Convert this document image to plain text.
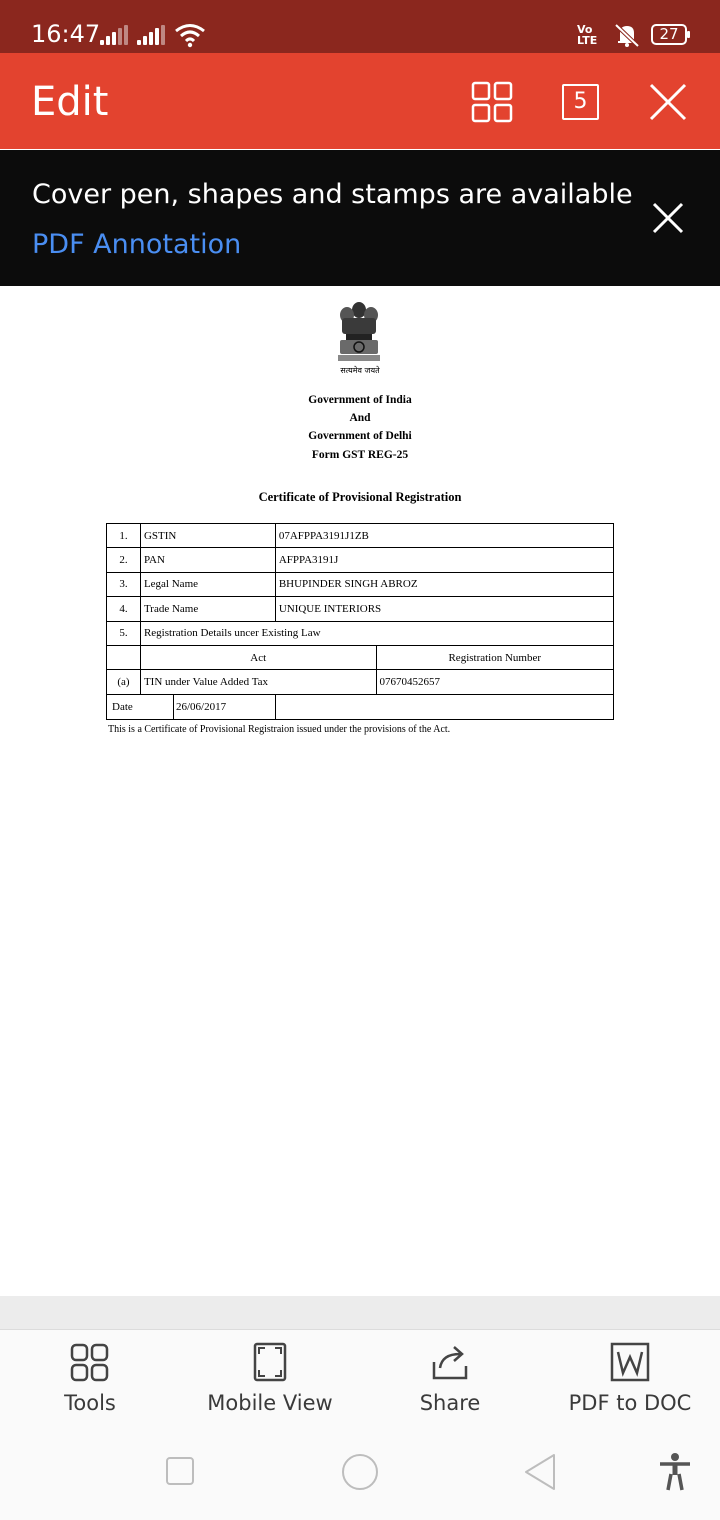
16:47	Vo
LTE	27
Edit	5
Cover pen, shapes and stamps are available
PDF Annotation
सत्यमेव जयते
Government of India
And
Government of Delhi
Form GST REG-25
Certificate of Provisional Registration
1.	GSTIN	07AFPPA3191J1ZB	
2.	PAN	AFPPA3191J	
3.	Legal Name	BHUPINDER SINGH ABROZ	
4.	Trade Name	UNIQUE INTERIORS	
5.	Registration Details uncer Existing Law		
	Act		Registration Number
(a)	TIN under Value Added Tax		07670452657

Date 26/06/2017			

This is a Certificate of Provisional Registraion issued under the provisions of the Act.
Tools	Mobile View	Share	PDF to DOC
